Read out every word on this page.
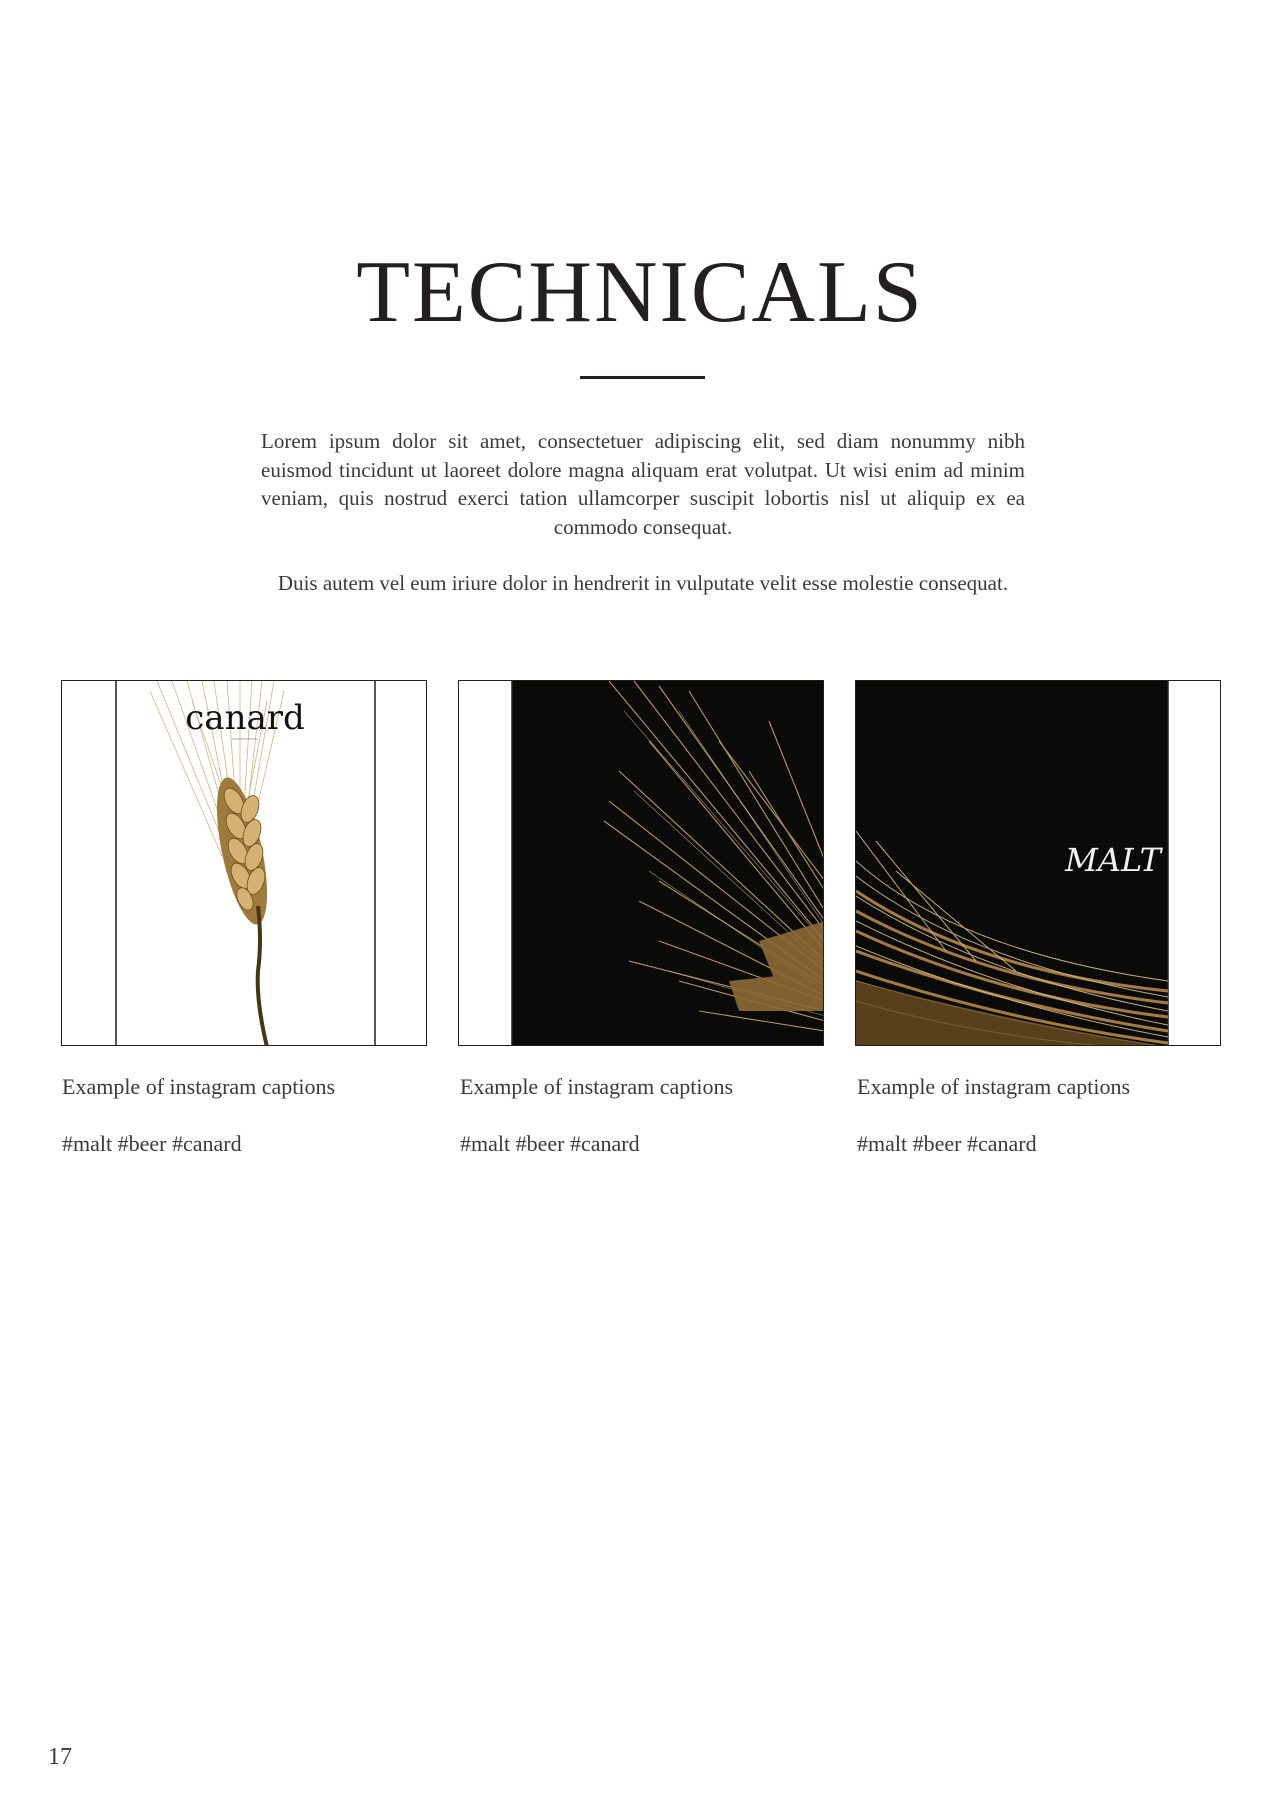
TECHNICALS

Lorem ipsum dolor sit amet, consectetuer adipiscing elit, sed diam nonummy nibh euismod tincidunt ut laoreet dolore magna aliquam erat volutpat. Ut wisi enim ad minim veniam, quis nostrud exerci tation ullamcorper suscipit lobortis nisl ut aliquip ex ea commodo consequat.

Duis autem vel eum iriure dolor in hendrerit in vulputate velit esse molestie consequat.

canard
MALT
Example of instagram captions
#malt #beer #canard
Example of instagram captions
#malt #beer #canard
Example of instagram captions
#malt #beer #canard
17
